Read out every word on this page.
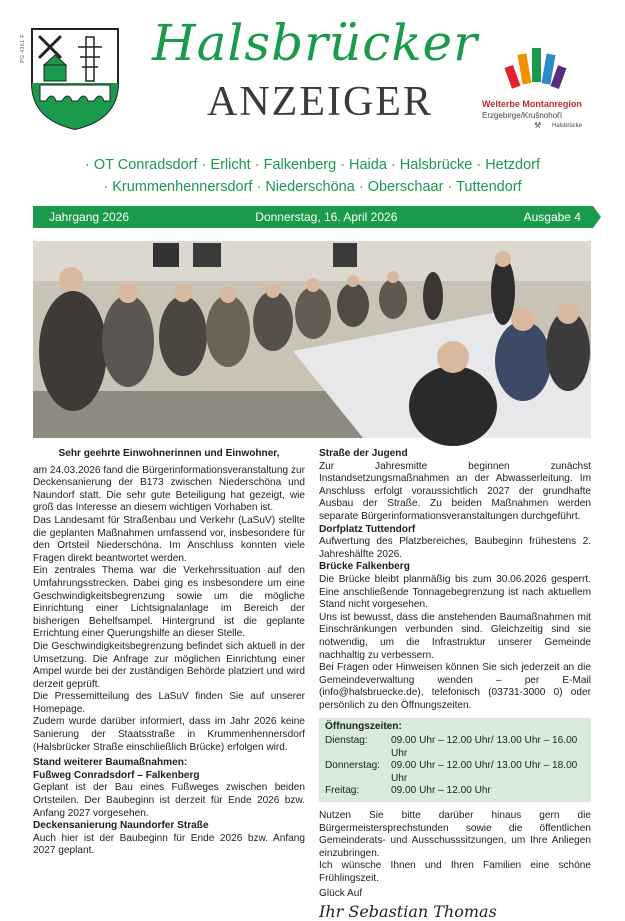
PG 4361 F	Halsbrücker
ANZEIGER	Welterbe Montanregion
Erzgebirge/Krušnohoří
⚒ Halsbrücke
· OT Conradsdorf · Erlicht · Falkenberg · Haida · Halsbrücke · Hetzdorf
· Krummenhennersdorf · Niederschöna · Oberschaar · Tuttendorf
Jahrgang 2026	Donnerstag, 16. April 2026	Ausgabe 4

Sehr geehrte Einwohnerinnen und Einwohner,

am 24.03.2026 fand die Bürgerinformationsveranstaltung zur Deckensanierung der B173 zwischen Niederschöna und Naundorf statt. Die sehr gute Beteiligung hat gezeigt, wie groß das Interesse an diesem wichtigen Vorhaben ist.

Das Landesamt für Straßenbau und Verkehr (LaSuV) stellte die geplanten Maßnahmen umfassend vor, insbesondere für den Ortsteil Niederschöna. Im Anschluss konnten viele Fragen direkt beantwortet werden.

Ein zentrales Thema war die Verkehrssituation auf den Umfahrungsstrecken. Dabei ging es insbesondere um eine Geschwindigkeitsbegrenzung sowie um die mögliche Einrichtung einer Lichtsignalanlage im Bereich der bisherigen Behelfsampel. Hintergrund ist die geplante Errichtung einer Querungshilfe an dieser Stelle.

Die Geschwindigkeitsbegrenzung befindet sich aktuell in der Umsetzung. Die Anfrage zur möglichen Einrichtung einer Ampel wurde bei der zuständigen Behörde platziert und wird derzeit geprüft.

Die Pressemitteilung des LaSuV finden Sie auf unserer Homepage.

Zudem wurde darüber informiert, dass im Jahr 2026 keine Sanierung der Staatsstraße in Krummenhennersdorf (Halsbrücker Straße einschließlich Brücke) erfolgen wird.

Stand weiterer Baumaßnahmen:

Fußweg Conradsdorf – Falkenberg

Geplant ist der Bau eines Fußweges zwischen beiden Ortsteilen. Der Baubeginn ist derzeit für Ende 2026 bzw. Anfang 2027 vorgesehen.

Deckensanierung Naundorfer Straße

Auch hier ist der Baubeginn für Ende 2026 bzw. Anfang 2027 geplant.

Straße der Jugend

Zur Jahresmitte beginnen zunächst Instandsetzungsmaßnahmen an der Abwasserleitung. Im Anschluss erfolgt voraussichtlich 2027 der grundhafte Ausbau der Straße. Zu beiden Maßnahmen werden separate Bürgerinformationsveranstaltungen durchgeführt.

Dorfplatz Tuttendorf

Aufwertung des Platzbereiches, Baubeginn frühestens 2. Jahreshälfte 2026.

Brücke Falkenberg

Die Brücke bleibt planmäßig bis zum 30.06.2026 gesperrt. Eine anschließende Tonnagebegrenzung ist nach aktuellem Stand nicht vorgesehen.

Uns ist bewusst, dass die anstehenden Baumaßnahmen mit Einschränkungen verbunden sind. Gleichzeitig sind sie notwendig, um die Infrastruktur unserer Gemeinde nachhaltig zu verbessern.

Bei Fragen oder Hinweisen können Sie sich jederzeit an die Gemeindeverwaltung wenden – per E-Mail (info@halsbruecke.de), telefonisch (03731-3000 0) oder persönlich zu den Öffnungszeiten.

Öffnungszeiten:
Dienstag:	09.00 Uhr – 12.00 Uhr/ 13.00 Uhr – 16.00 Uhr
Donnerstag:	09.00 Uhr – 12.00 Uhr/ 13.00 Uhr – 18.00 Uhr
Freitag:	09.00 Uhr – 12.00 Uhr

Nutzen Sie bitte darüber hinaus gern die Bürgermeistersprechstunden sowie die öffentlichen Gemeinderats- und Ausschusssitzungen, um Ihre Anliegen einzubringen.

Ich wünsche Ihnen und Ihren Familien eine schöne Frühlingszeit.

Glück Auf

Ihr Sebastian Thomas
